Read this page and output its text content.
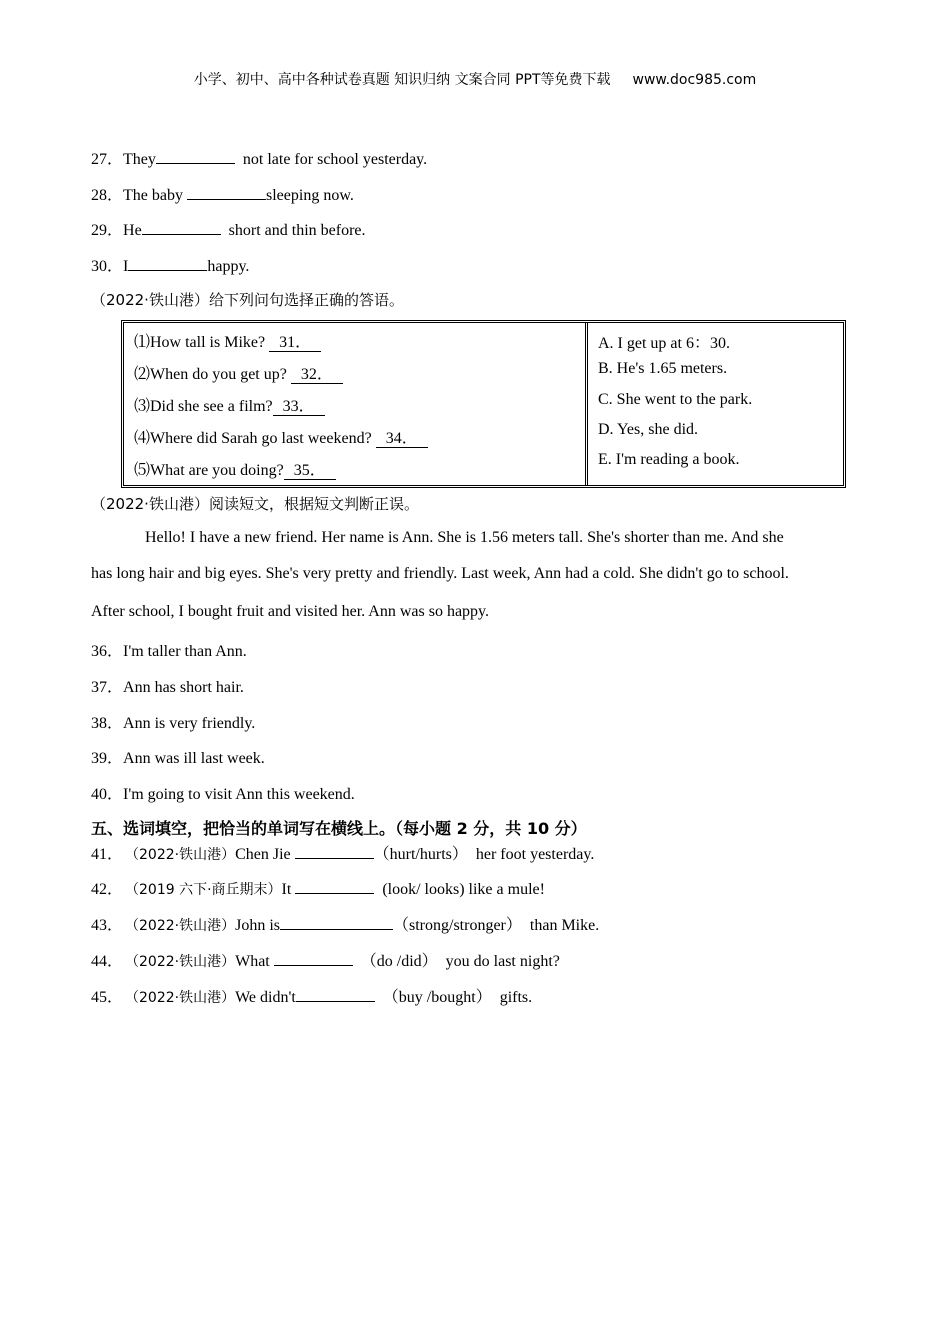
小学、初中、高中各种试卷真题 知识归纳 文案合同 PPT等免费下载 www.doc985.com
27．They	not late for school yesterday.
28．The baby	sleeping now.
29．He	short and thin before.
30．I	happy.
（2022·铁山港）给下列问句选择正确的答语。
⑴How tall is Mike? 31．
⑵When do you get up? 32．
⑶Did she see a film? 33．
⑷Where did Sarah go last weekend? 34．
⑸What are you doing? 35．
A. I get up at 6：30.
B. He's 1.65 meters.
C. She went to the park.
D. Yes, she did.
E. I'm reading a book.
（2022·铁山港）阅读短文，根据短文判断正误。
Hello! I have a new friend. Her name is Ann. She is 1.56 meters tall. She's shorter than me. And she
has long hair and big eyes. She's very pretty and friendly. Last week, Ann had a cold. She didn't go to school.
After school, I bought fruit and visited her. Ann was so happy.
36．I'm taller than Ann.
37．Ann has short hair.
38．Ann is very friendly.
39．Ann was ill last week.
40．I'm going to visit Ann this weekend.
五、选词填空，把恰当的单词写在横线上。（每小题 2 分，共 10 分）
41． （2022·铁山港）Chen Jie	（hurt/hurts）  her foot yesterday.
42． （2019 六下·商丘期末）It	(look/ looks) like a mule!
43． （2022·铁山港）John is	（strong/stronger）  than Mike.
44． （2022·铁山港）What	（do /did）  you do last night?
45． （2022·铁山港）We didn't	（buy /bought）  gifts.
